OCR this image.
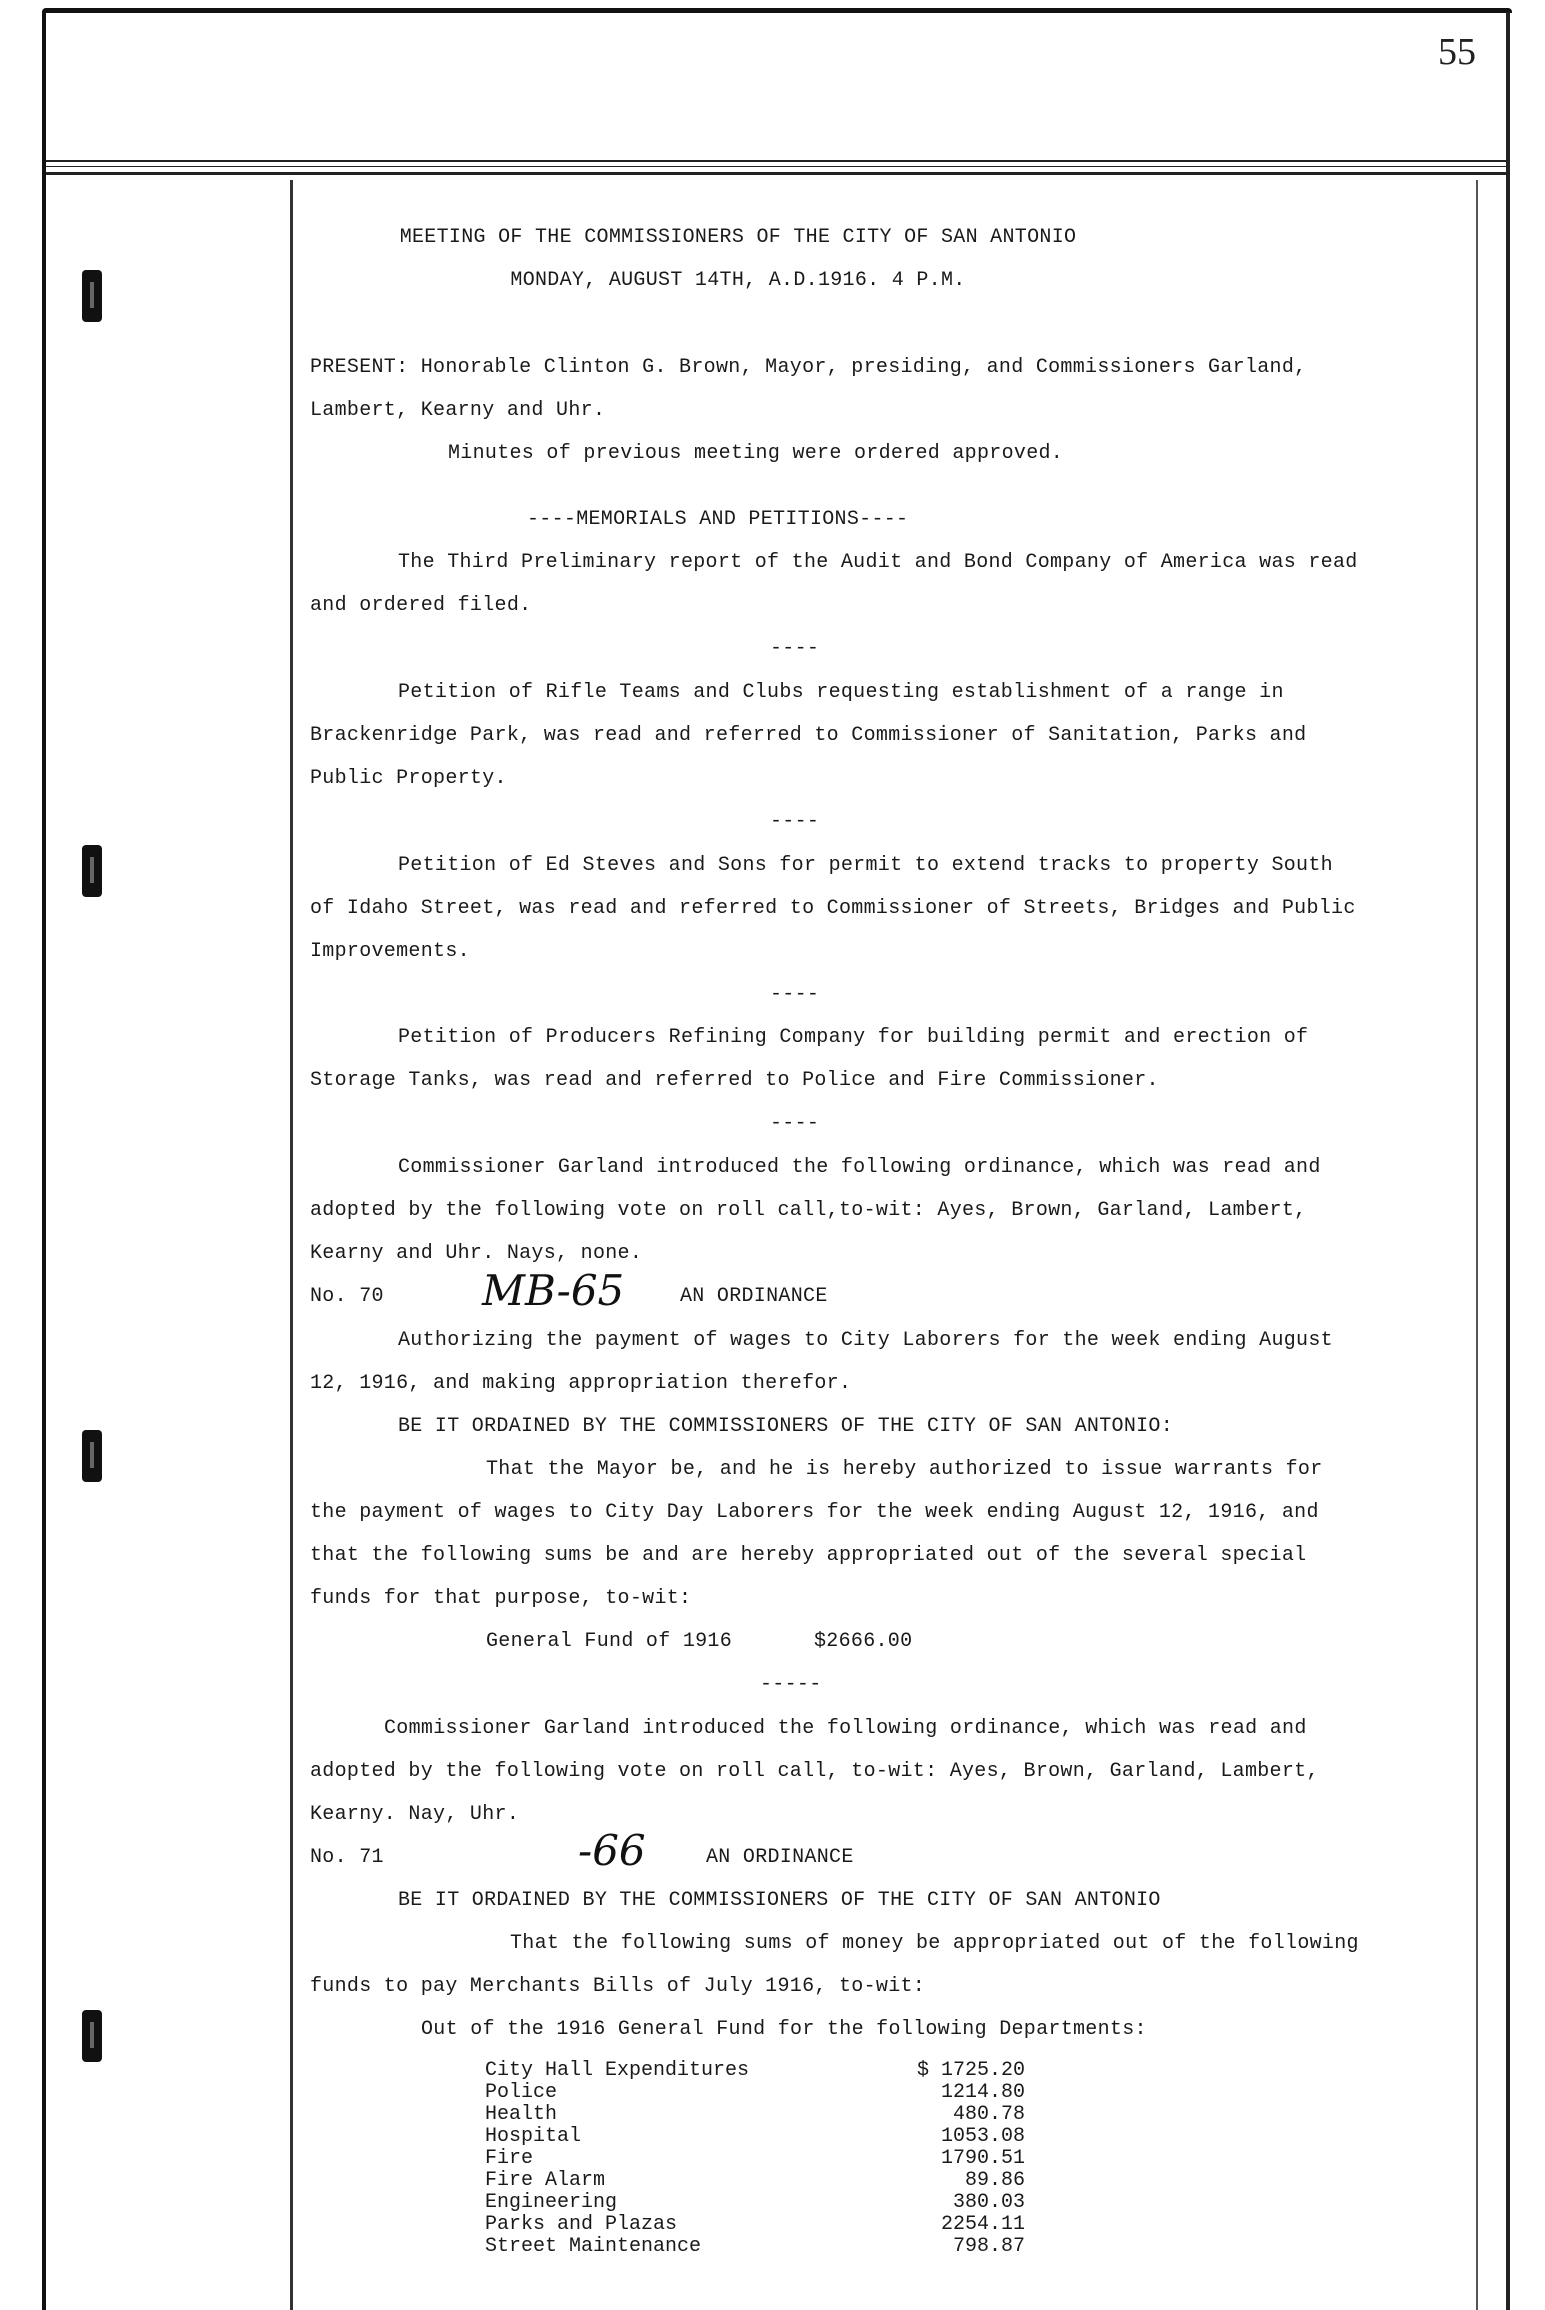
55
MEETING OF THE COMMISSIONERS OF THE CITY OF SAN ANTONIO
MONDAY, AUGUST 14TH, A.D.1916. 4 P.M.
PRESENT: Honorable Clinton G. Brown, Mayor, presiding, and Commissioners Garland,
Lambert, Kearny and Uhr.
Minutes of previous meeting were ordered approved.
----MEMORIALS AND PETITIONS----
The Third Preliminary report of the Audit and Bond Company of America was read
and ordered filed.
----
Petition of Rifle Teams and Clubs requesting establishment of a range in
Brackenridge Park, was read and referred to Commissioner of Sanitation, Parks and
Public Property.
----
Petition of Ed Steves and Sons for permit to extend tracks to property South
of Idaho Street, was read and referred to Commissioner of Streets, Bridges and Public
Improvements.
----
Petition of Producers Refining Company for building permit and erection of
Storage Tanks, was read and referred to Police and Fire Commissioner.
----
Commissioner Garland introduced the following ordinance, which was read and
adopted by the following vote on roll call,to-wit: Ayes, Brown, Garland, Lambert,
Kearny and Uhr. Nays, none.
No. 70 MB-65	AN ORDINANCE
Authorizing the payment of wages to City Laborers for the week ending August
12, 1916, and making appropriation therefor.
BE IT ORDAINED BY THE COMMISSIONERS OF THE CITY OF SAN ANTONIO:
That the Mayor be, and he is hereby authorized to issue warrants for
the payment of wages to City Day Laborers for the week ending August 12, 1916, and
that the following sums be and are hereby appropriated out of the several special
funds for that purpose, to-wit:
General Fund of 1916	$2666.00
-----
Commissioner Garland introduced the following ordinance, which was read and
adopted by the following vote on roll call, to-wit: Ayes, Brown, Garland, Lambert,
Kearny. Nay, Uhr.
No. 71	-66	AN ORDINANCE
BE IT ORDAINED BY THE COMMISSIONERS OF THE CITY OF SAN ANTONIO
That the following sums of money be appropriated out of the following
funds to pay Merchants Bills of July 1916, to-wit:
Out of the 1916 General Fund for the following Departments:
City Hall Expenditures	$ 1725.20
Police	1214.80
Health	480.78
Hospital	1053.08
Fire	1790.51
Fire Alarm	89.86
Engineering	380.03
Parks and Plazas	2254.11
Street Maintenance	798.87
